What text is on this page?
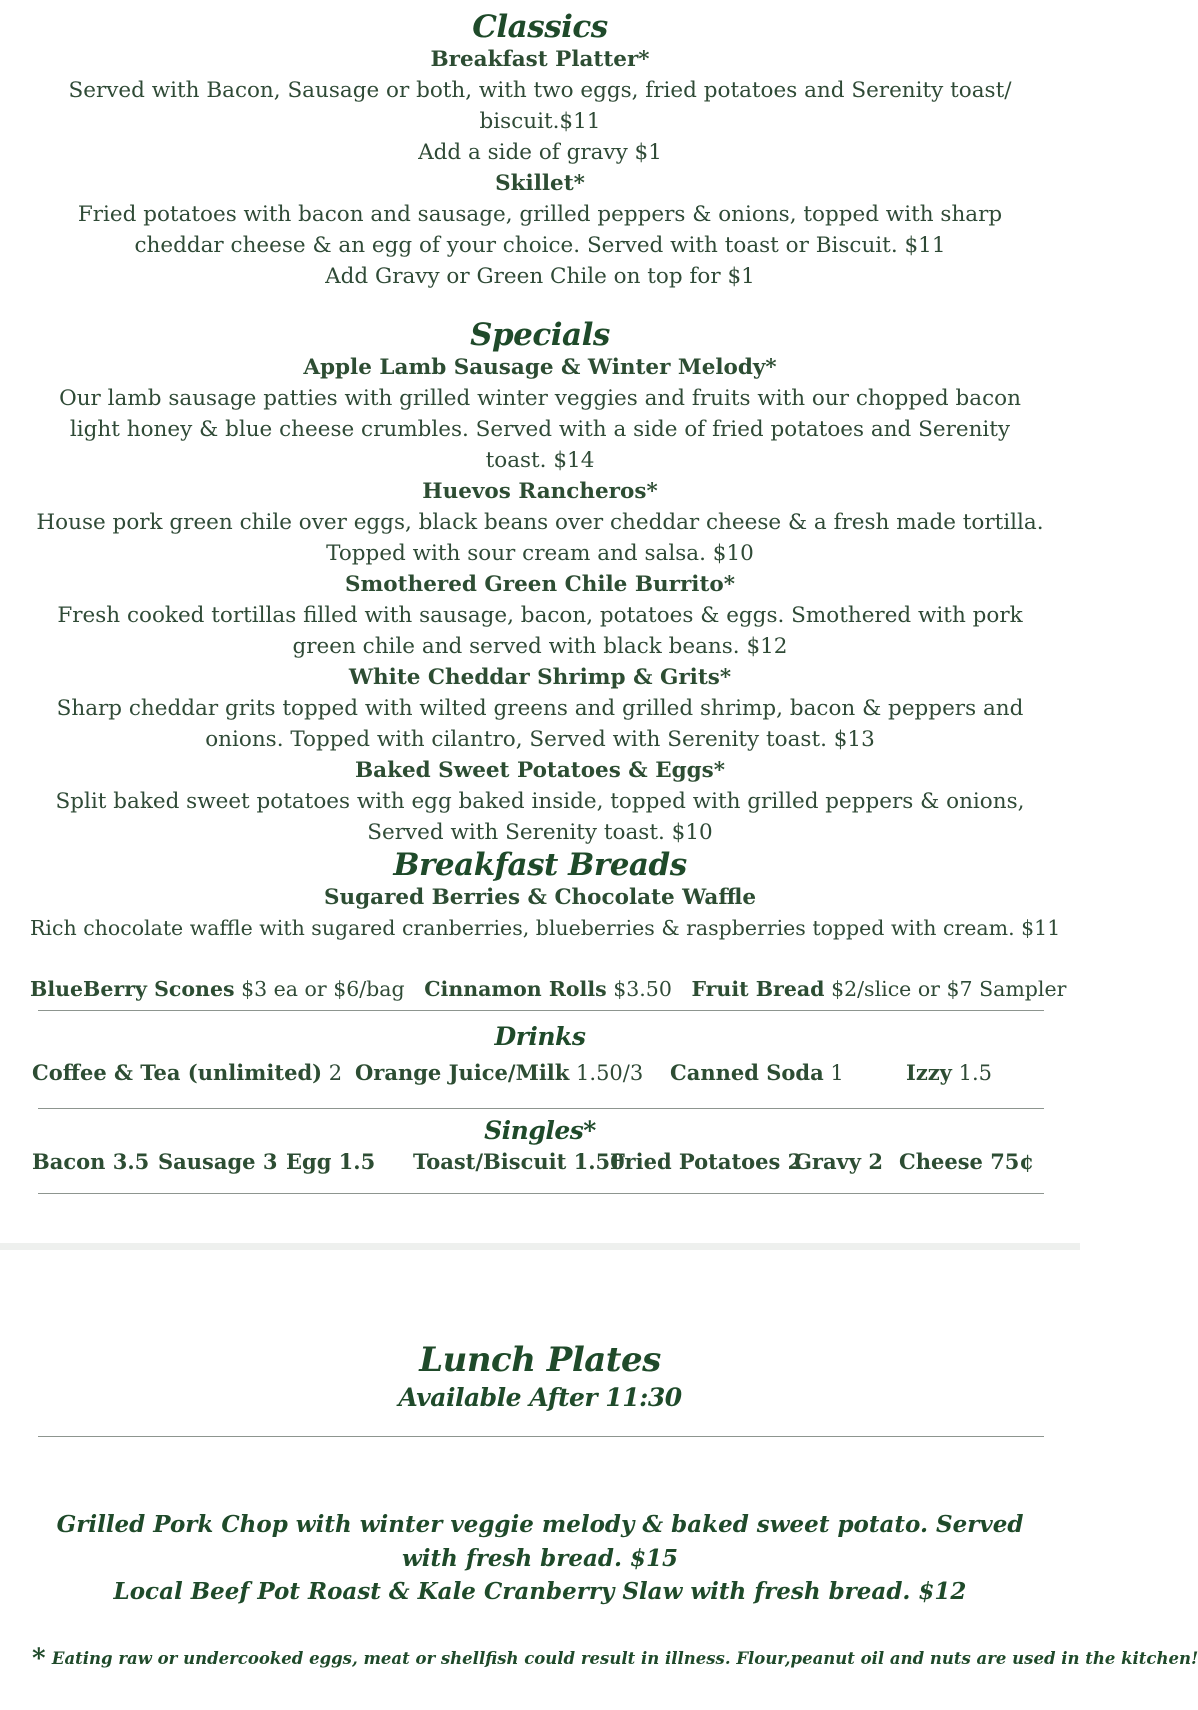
Classics
Breakfast Platter*
Served with Bacon, Sausage or both, with two eggs, fried potatoes and Serenity toast/ biscuit.$11
Add a side of gravy $1
Skillet*
Fried potatoes with bacon and sausage, grilled peppers & onions, topped with sharp cheddar cheese & an egg of your choice. Served with toast or Biscuit. $11
Add Gravy or Green Chile on top for $1
Specials
Apple Lamb Sausage & Winter Melody*
Our lamb sausage patties with grilled winter veggies and fruits with our chopped bacon light honey & blue cheese crumbles. Served with a side of fried potatoes and Serenity toast. $14
Huevos Rancheros*
House pork green chile over eggs, black beans over cheddar cheese & a fresh made tortilla. Topped with sour cream and salsa. $10
Smothered Green Chile Burrito*
Fresh cooked tortillas filled with sausage, bacon, potatoes & eggs. Smothered with pork green chile and served with black beans. $12
White Cheddar Shrimp & Grits*
Sharp cheddar grits topped with wilted greens and grilled shrimp, bacon & peppers and onions. Topped with cilantro, Served with Serenity toast. $13
Baked Sweet Potatoes & Eggs*
Split baked sweet potatoes with egg baked inside, topped with grilled peppers & onions, Served with Serenity toast. $10
Breakfast Breads
Sugared Berries & Chocolate Waffle
Rich chocolate waffle with sugared cranberries, blueberries & raspberries topped with cream. $11
BlueBerry Scones $3 ea or $6/bag Cinnamon Rolls $3.50 Fruit Bread $2/slice or $7 Sampler
Drinks
Coffee & Tea (unlimited) 2 Orange Juice/Milk 1.50/3 Canned Soda 1	Izzy 1.5
Singles*
Bacon 3.5 Sausage 3 Egg 1.5 Toast/Biscuit 1.50
Fried Potatoes 2
Gravy 2 Cheese 75¢
Lunch Plates
Available After 11:30
Grilled Pork Chop with winter veggie melody & baked sweet potato. Served with fresh bread. $15
Local Beef Pot Roast & Kale Cranberry Slaw with fresh bread. $12
* Eating raw or undercooked eggs, meat or shellfish could result in illness. Flour,peanut oil and nuts are used in the kitchen!
